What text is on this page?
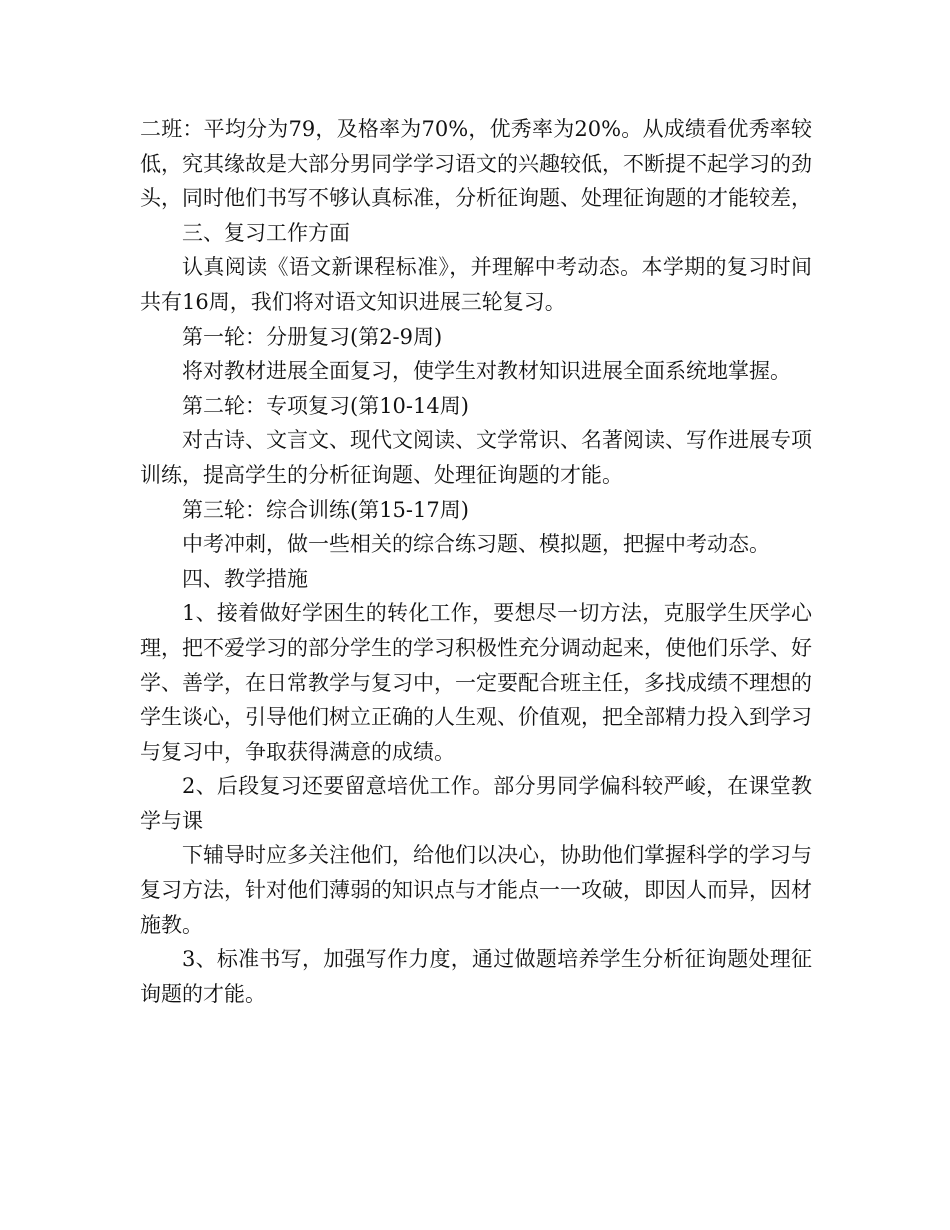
二班：平均分为79，及格率为70%，优秀率为20%。从成绩看优秀率较低，究其缘故是大部分男同学学习语文的兴趣较低，不断提不起学习的劲头，同时他们书写不够认真标准，分析征询题、处理征询题的才能较差，

三、复习工作方面

认真阅读《语文新课程标准》，并理解中考动态。本学期的复习时间共有16周，我们将对语文知识进展三轮复习。

第一轮：分册复习(第2-9周)

将对教材进展全面复习，使学生对教材知识进展全面系统地掌握。

第二轮：专项复习(第10-14周)

对古诗、文言文、现代文阅读、文学常识、名著阅读、写作进展专项训练，提高学生的分析征询题、处理征询题的才能。

第三轮：综合训练(第15-17周)

中考冲刺，做一些相关的综合练习题、模拟题，把握中考动态。

四、教学措施

1、接着做好学困生的转化工作，要想尽一切方法，克服学生厌学心理，把不爱学习的部分学生的学习积极性充分调动起来，使他们乐学、好学、善学，在日常教学与复习中，一定要配合班主任，多找成绩不理想的学生谈心，引导他们树立正确的人生观、价值观，把全部精力投入到学习与复习中，争取获得满意的成绩。

2、后段复习还要留意培优工作。部分男同学偏科较严峻，在课堂教学与课

下辅导时应多关注他们，给他们以决心，协助他们掌握科学的学习与复习方法，针对他们薄弱的知识点与才能点一一攻破，即因人而异，因材施教。

3、标准书写，加强写作力度，通过做题培养学生分析征询题处理征询题的才能。
